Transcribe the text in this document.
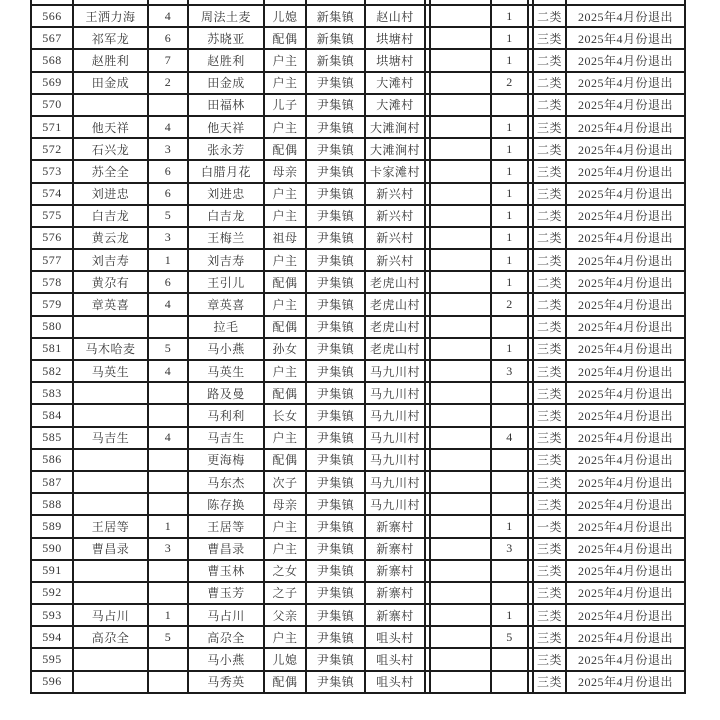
566	王洒力海	4	周法土麦	儿媳	新集镇	赵山村			1		二类	2025年4月份退出
567	祁军龙	6	苏晓亚	配偶	新集镇	垬塘村			1		三类	2025年4月份退出
568	赵胜利	7	赵胜利	户主	新集镇	垬塘村			1		二类	2025年4月份退出
569	田金成	2	田金成	户主	尹集镇	大滩村			2		二类	2025年4月份退出
570			田福林	儿子	尹集镇	大滩村					二类	2025年4月份退出
571	他天祥	4	他天祥	户主	尹集镇	大滩涧村			1		三类	2025年4月份退出
572	石兴龙	3	张永芳	配偶	尹集镇	大滩涧村			1		二类	2025年4月份退出
573	苏全全	6	白腊月花	母亲	尹集镇	卡家滩村			1		三类	2025年4月份退出
574	刘进忠	6	刘进忠	户主	尹集镇	新兴村			1		三类	2025年4月份退出
575	白吉龙	5	白吉龙	户主	尹集镇	新兴村			1		二类	2025年4月份退出
576	黄云龙	3	王梅兰	祖母	尹集镇	新兴村			1		二类	2025年4月份退出
577	刘吉寿	1	刘吉寿	户主	尹集镇	新兴村			1		二类	2025年4月份退出
578	黄尕有	6	王引儿	配偶	尹集镇	老虎山村			1		二类	2025年4月份退出
579	章英喜	4	章英喜	户主	尹集镇	老虎山村			2		二类	2025年4月份退出
580			拉毛	配偶	尹集镇	老虎山村					二类	2025年4月份退出
581	马木哈麦	5	马小燕	孙女	尹集镇	老虎山村			1		三类	2025年4月份退出
582	马英生	4	马英生	户主	尹集镇	马九川村			3		三类	2025年4月份退出
583			路及曼	配偶	尹集镇	马九川村					三类	2025年4月份退出
584			马利利	长女	尹集镇	马九川村					三类	2025年4月份退出
585	马吉生	4	马吉生	户主	尹集镇	马九川村			4		三类	2025年4月份退出
586			更海梅	配偶	尹集镇	马九川村					三类	2025年4月份退出
587			马东杰	次子	尹集镇	马九川村					三类	2025年4月份退出
588			陈存换	母亲	尹集镇	马九川村					三类	2025年4月份退出
589	王居等	1	王居等	户主	尹集镇	新寨村			1		一类	2025年4月份退出
590	曹昌录	3	曹昌录	户主	尹集镇	新寨村			3		三类	2025年4月份退出
591			曹玉林	之女	尹集镇	新寨村					三类	2025年4月份退出
592			曹玉芳	之子	尹集镇	新寨村					三类	2025年4月份退出
593	马占川	1	马占川	父亲	尹集镇	新寨村			1		三类	2025年4月份退出
594	高尕全	5	高尕全	户主	尹集镇	咀头村			5		三类	2025年4月份退出
595			马小燕	儿媳	尹集镇	咀头村					三类	2025年4月份退出
596			马秀英	配偶	尹集镇	咀头村					三类	2025年4月份退出
